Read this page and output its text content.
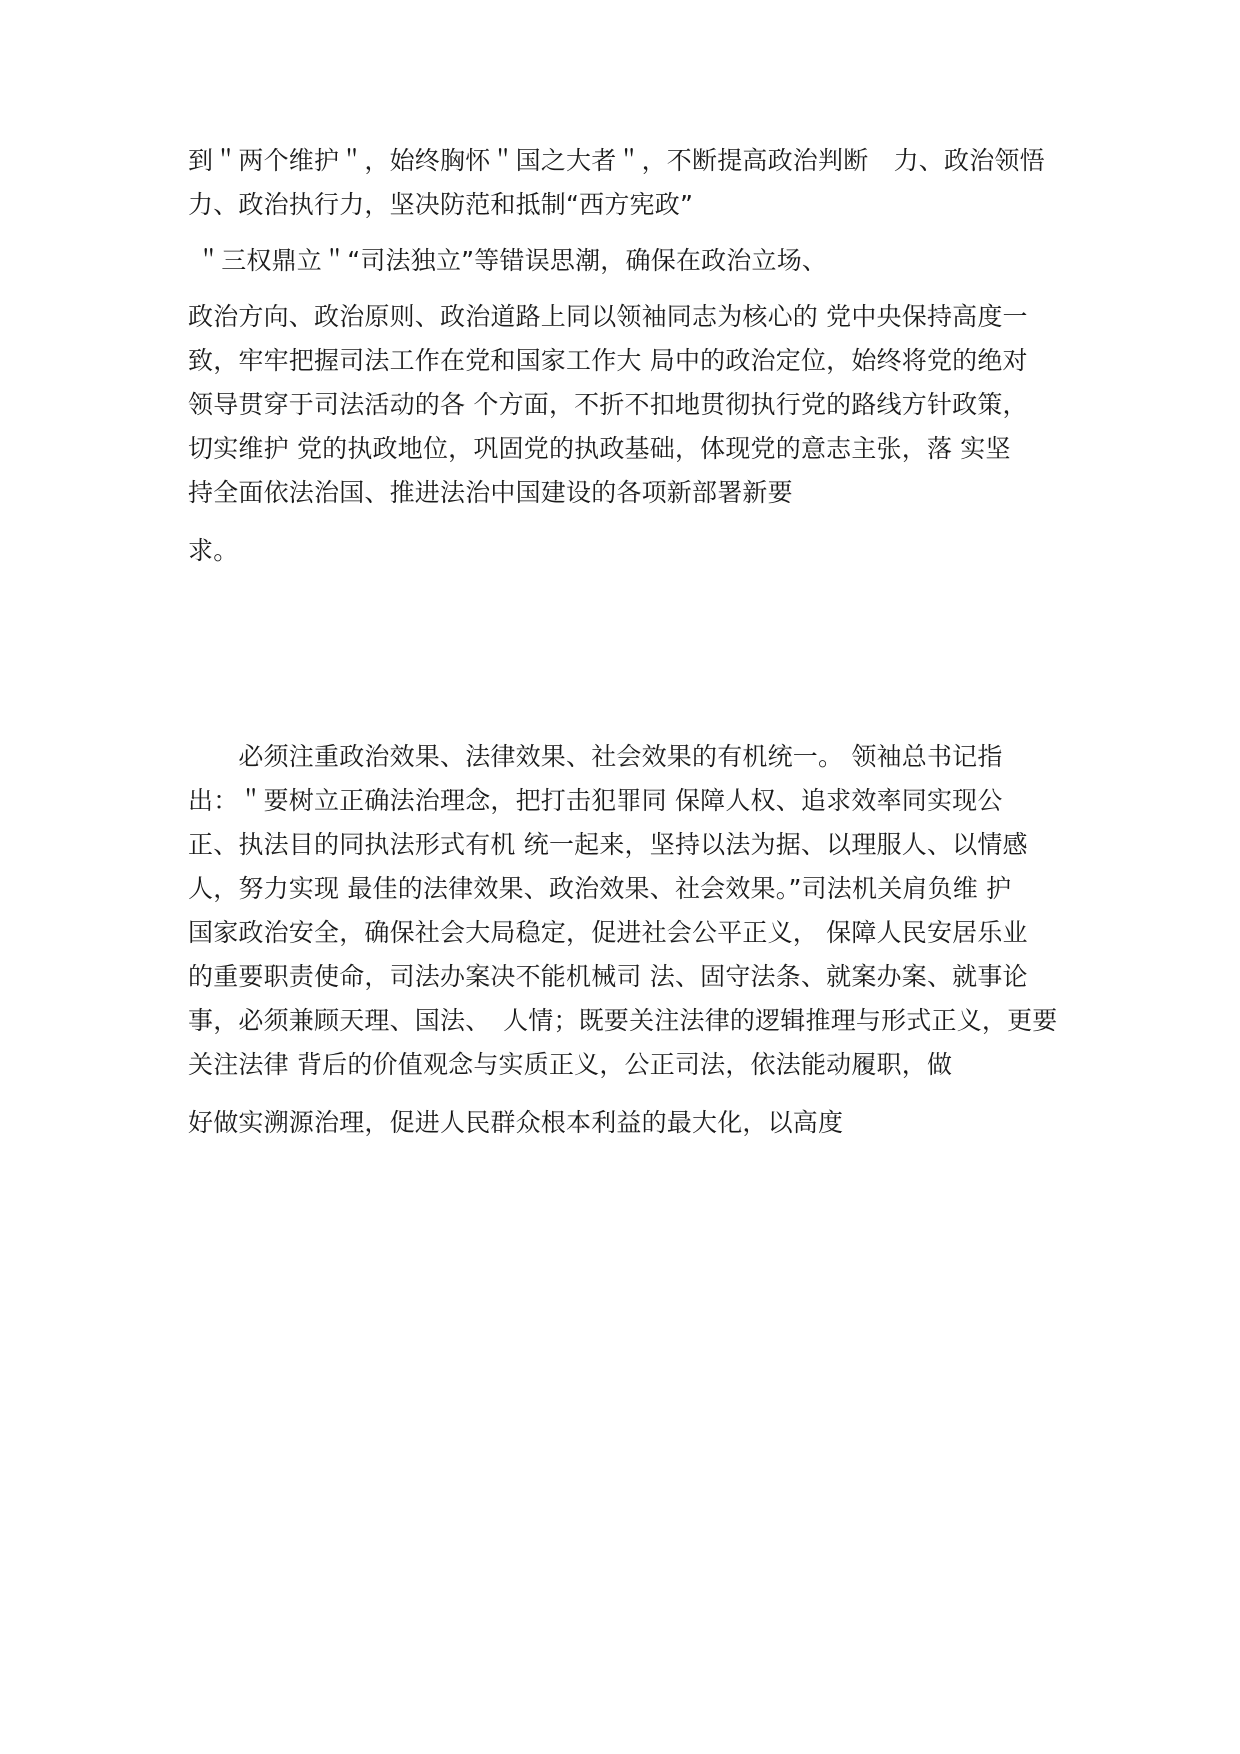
到＂两个维护＂，始终胸怀＂国之大者＂，不断提高政治判断　力、政治领悟
力、政治执行力，坚决防范和抵制“西方宪政”
＂三权鼎立＂“司法独立”等错误思潮，确保在政治立场、
政治方向、政治原则、政治道路上同以领袖同志为核心的 党中央保持高度一
致，牢牢把握司法工作在党和国家工作大 局中的政治定位，始终将党的绝对
领导贯穿于司法活动的各 个方面，不折不扣地贯彻执行党的路线方针政策，
切实维护 党的执政地位，巩固党的执政基础，体现党的意志主张，落 实坚
持全面依法治国、推进法治中国建设的各项新部署新要
求。
　　必须注重政治效果、法律效果、社会效果的有机统一。 领袖总书记指
出：＂要树立正确法治理念，把打击犯罪同 保障人权、追求效率同实现公
正、执法目的同执法形式有机 统一起来，坚持以法为据、以理服人、以情感
人，努力实现 最佳的法律效果、政治效果、社会效果。”司法机关肩负维 护
国家政治安全，确保社会大局稳定，促进社会公平正义， 保障人民安居乐业
的重要职责使命，司法办案决不能机械司 法、固守法条、就案办案、就事论
事，必须兼顾天理、国法、　人情；既要关注法律的逻辑推理与形式正义，更要
关注法律 背后的价值观念与实质正义，公正司法，依法能动履职，做
好做实溯源治理，促进人民群众根本利益的最大化，以高度
